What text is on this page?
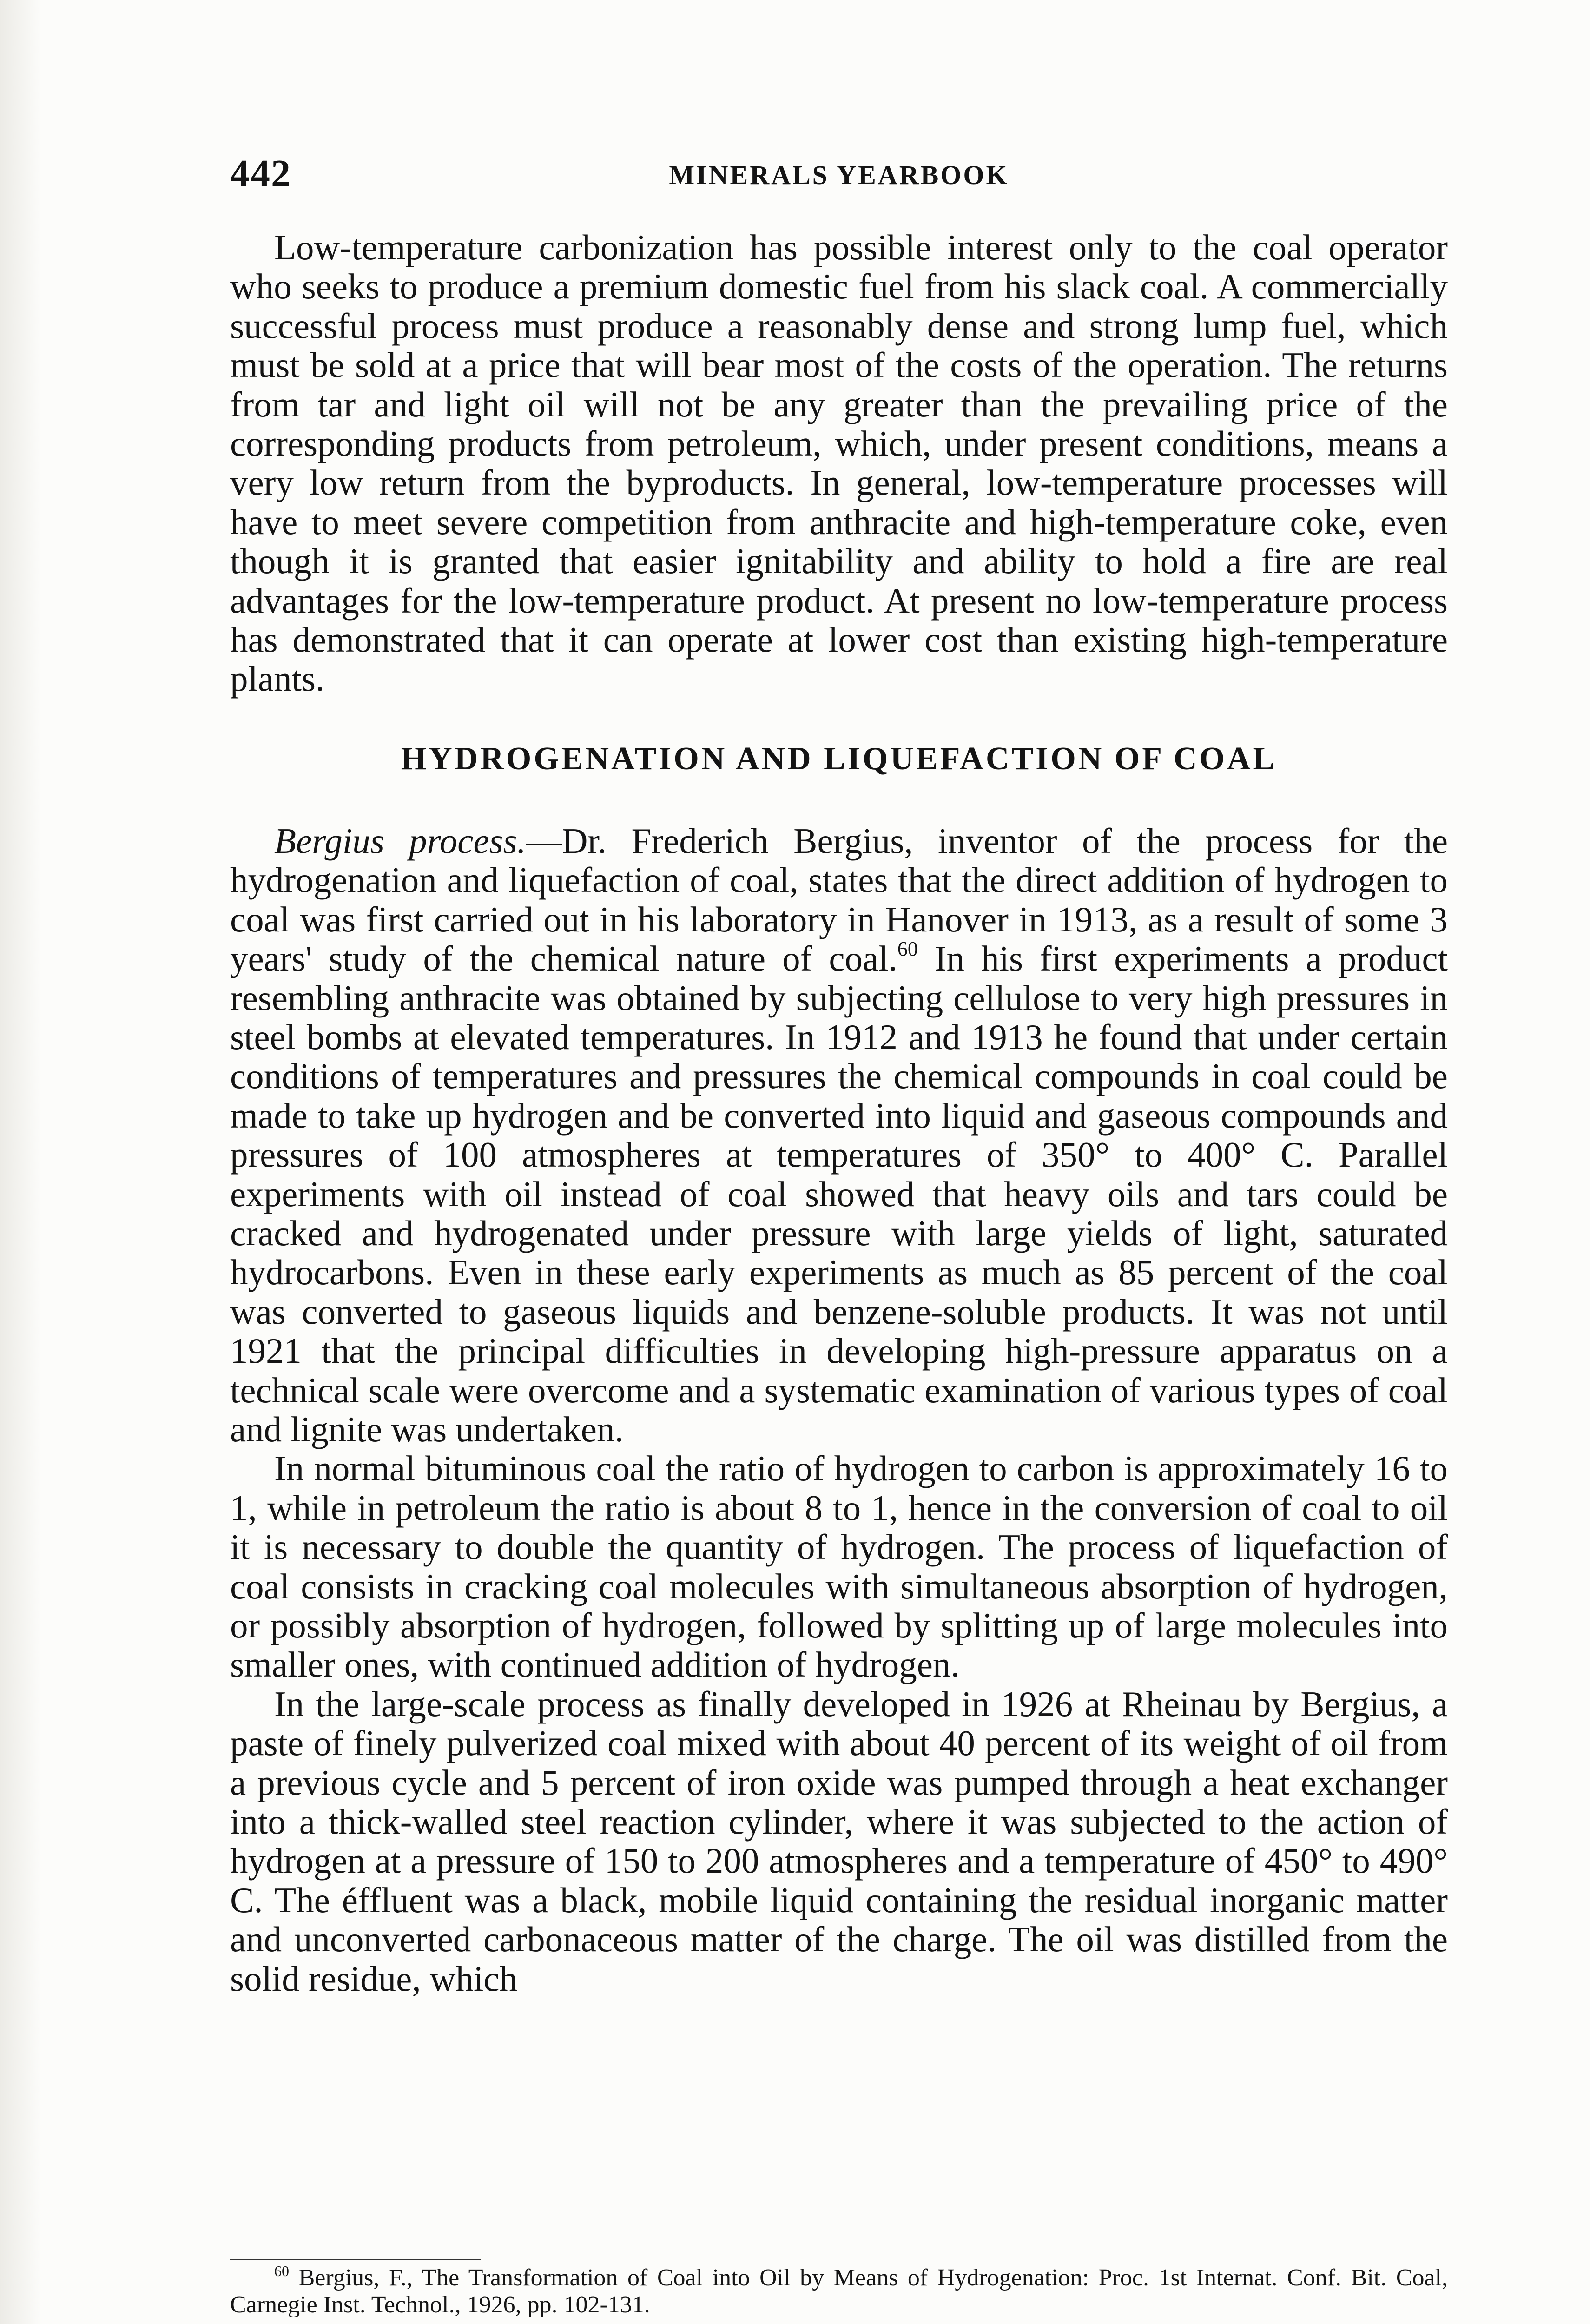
442	MINERALS YEARBOOK

Low-temperature carbonization has possible interest only to the coal operator who seeks to produce a premium domestic fuel from his slack coal. A commercially successful process must produce a reasonably dense and strong lump fuel, which must be sold at a price that will bear most of the costs of the operation. The returns from tar and light oil will not be any greater than the prevailing price of the corresponding products from petroleum, which, under present conditions, means a very low return from the byproducts. In general, low-temperature processes will have to meet severe competition from anthracite and high-temperature coke, even though it is granted that easier ignitability and ability to hold a fire are real advantages for the low-temperature product. At present no low-temperature process has demonstrated that it can operate at lower cost than existing high-temperature plants.

HYDROGENATION AND LIQUEFACTION OF COAL

Bergius process.—Dr. Frederich Bergius, inventor of the process for the hydrogenation and liquefaction of coal, states that the direct addition of hydrogen to coal was first carried out in his laboratory in Hanover in 1913, as a result of some 3 years' study of the chemical nature of coal.$^{60}$ In his first experiments a product resembling anthracite was obtained by subjecting cellulose to very high pressures in steel bombs at elevated temperatures. In 1912 and 1913 he found that under certain conditions of temperatures and pressures the chemical compounds in coal could be made to take up hydrogen and be converted into liquid and gaseous compounds and pressures of 100 atmospheres at temperatures of 350° to 400° C. Parallel experiments with oil instead of coal showed that heavy oils and tars could be cracked and hydrogenated under pressure with large yields of light, saturated hydrocarbons. Even in these early experiments as much as 85 percent of the coal was converted to gaseous liquids and benzene-soluble products. It was not until 1921 that the principal difficulties in developing high-pressure apparatus on a technical scale were overcome and a systematic examination of various types of coal and lignite was undertaken.

In normal bituminous coal the ratio of hydrogen to carbon is approximately 16 to 1, while in petroleum the ratio is about 8 to 1, hence in the conversion of coal to oil it is necessary to double the quantity of hydrogen. The process of liquefaction of coal consists in cracking coal molecules with simultaneous absorption of hydrogen, or possibly absorption of hydrogen, followed by splitting up of large molecules into smaller ones, with continued addition of hydrogen.

In the large-scale process as finally developed in 1926 at Rheinau by Bergius, a paste of finely pulverized coal mixed with about 40 percent of its weight of oil from a previous cycle and 5 percent of iron oxide was pumped through a heat exchanger into a thick-walled steel reaction cylinder, where it was subjected to the action of hydrogen at a pressure of 150 to 200 atmospheres and a temperature of 450° to 490° C. The éffluent was a black, mobile liquid containing the residual inorganic matter and unconverted carbonaceous matter of the charge. The oil was distilled from the solid residue, which

$^{60}$ Bergius, F., The Transformation of Coal into Oil by Means of Hydrogenation: Proc. 1st Internat. Conf. Bit. Coal, Carnegie Inst. Technol., 1926, pp. 102-131.
